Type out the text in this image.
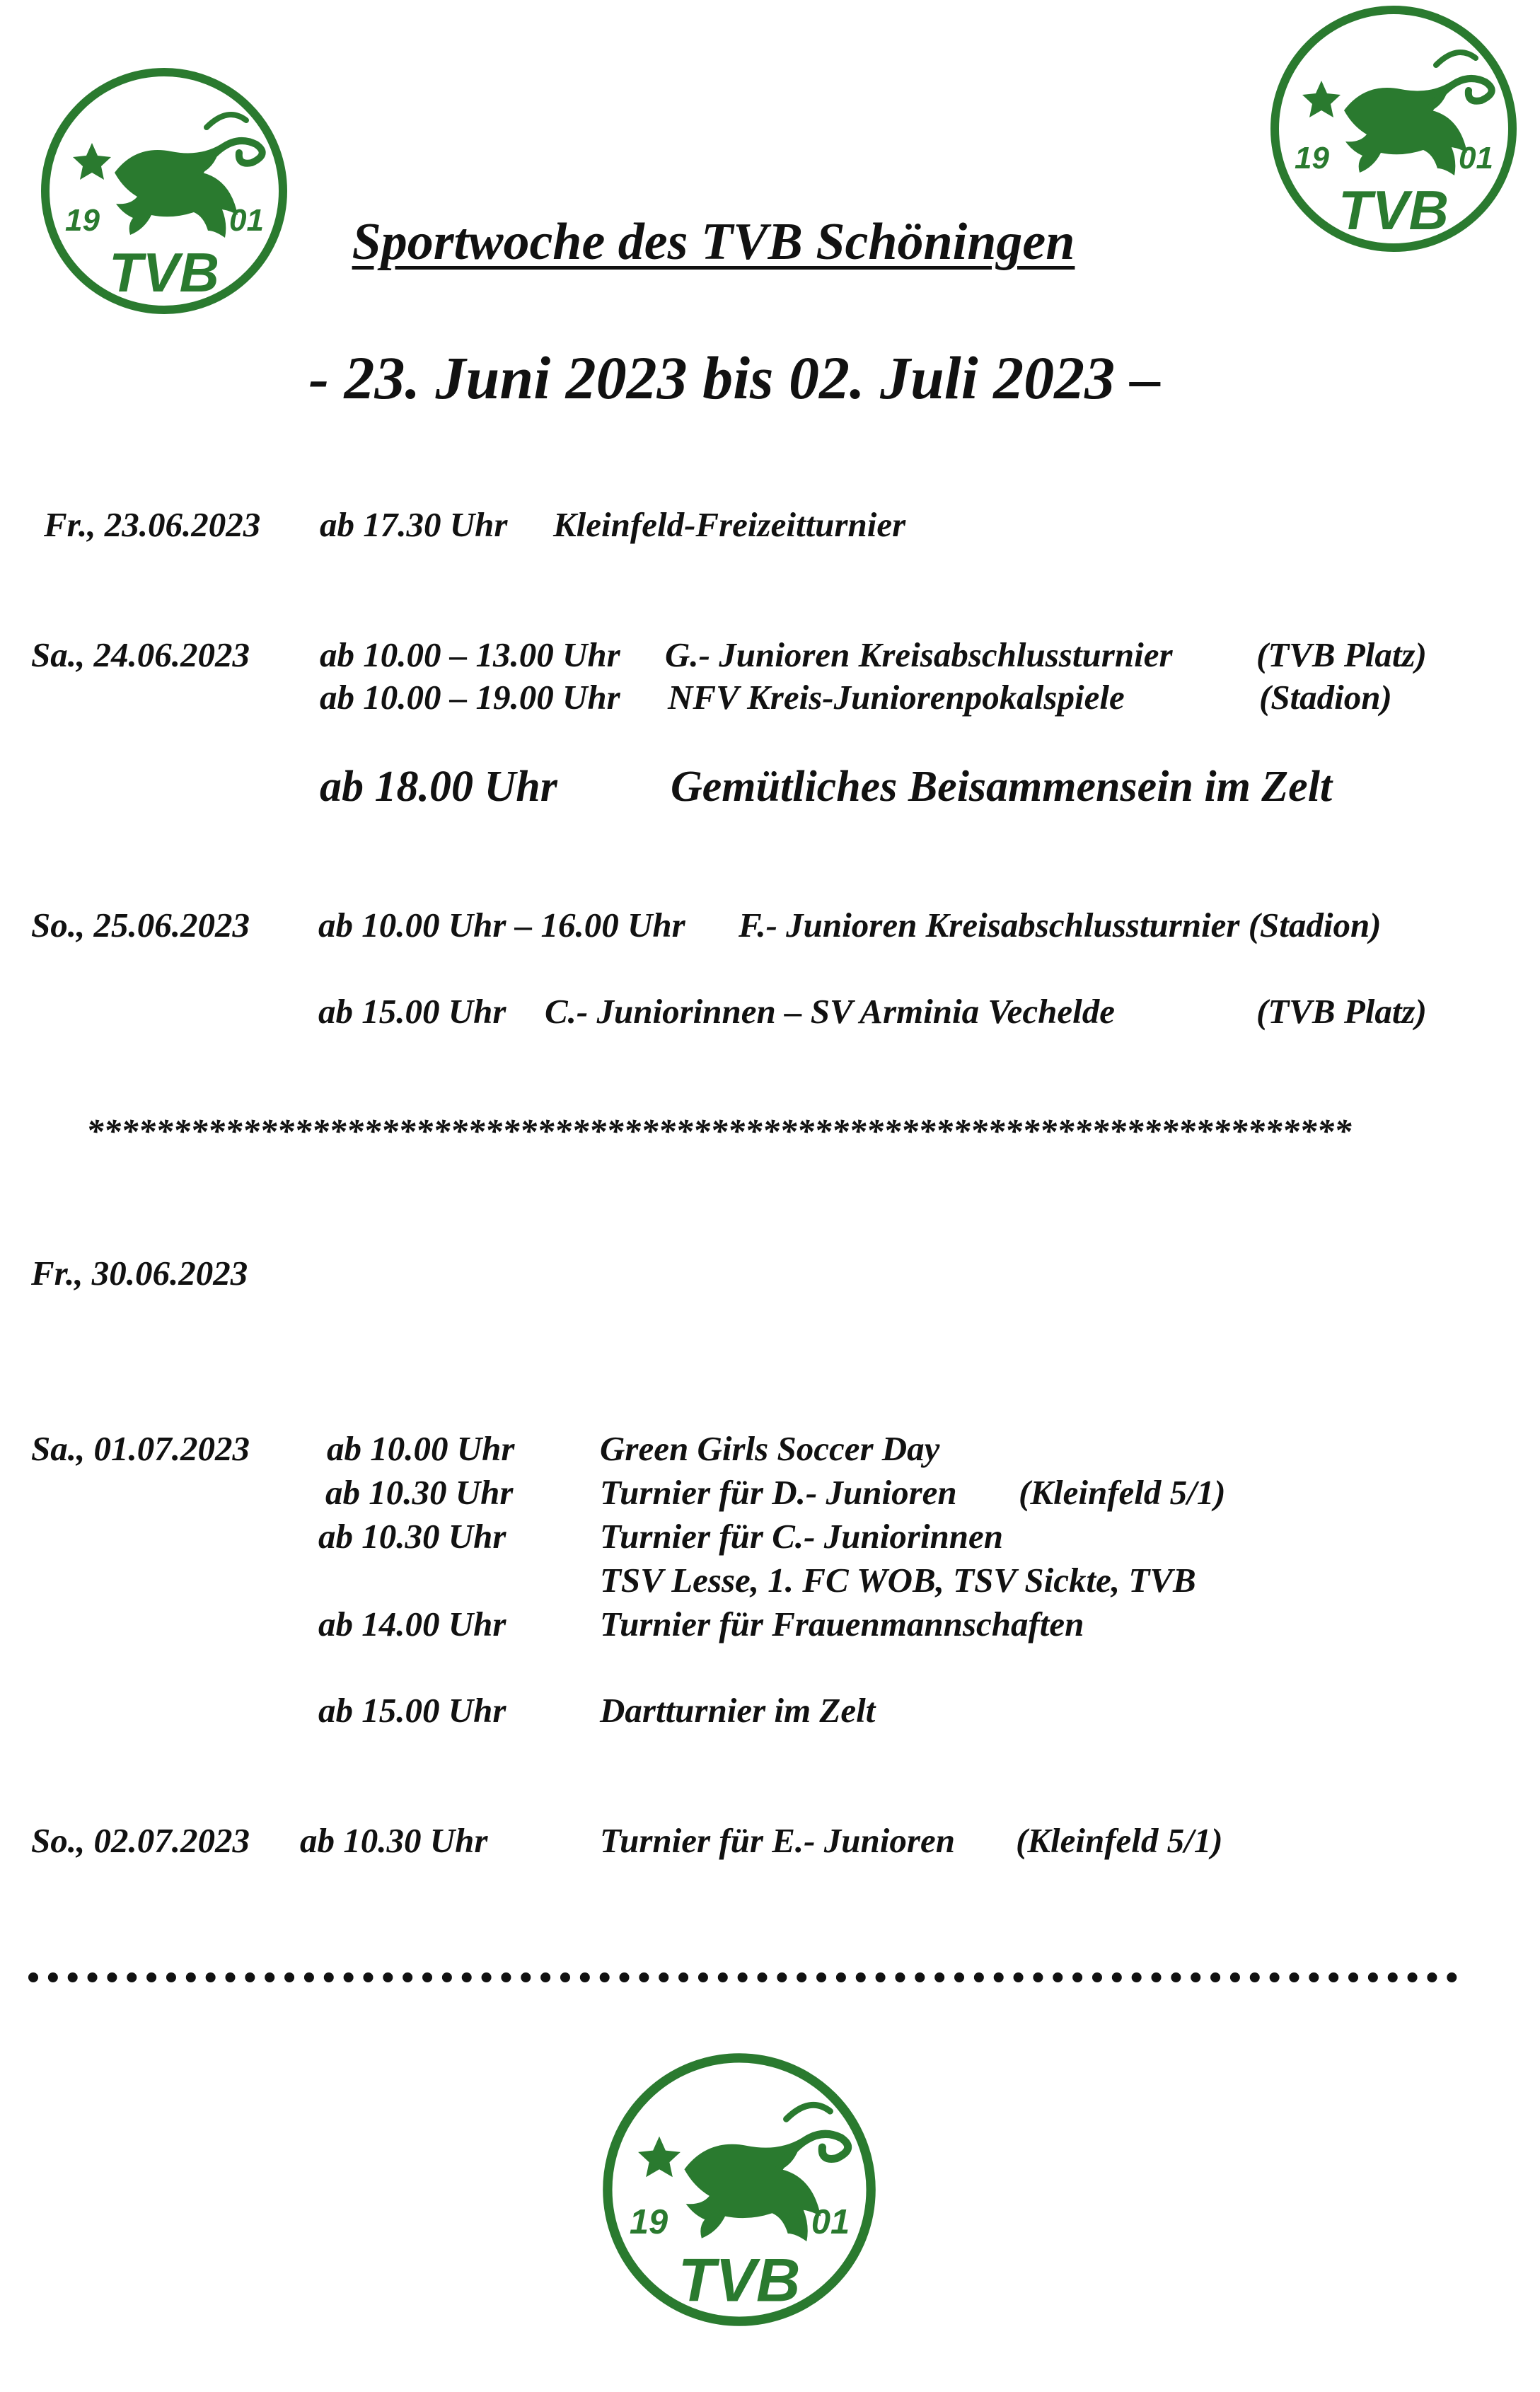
19	01
TVB
19	01
TVB
Sportwoche des TVB Schöningen
- 23. Juni 2023 bis 02. Juli 2023 –
Fr., 23.06.2023 ab 17.30 Uhr Kleinfeld-Freizeitturnier
Sa., 24.06.2023 ab 10.00 – 13.00 Uhr G.- Junioren Kreisabschlussturnier (TVB Platz)
ab 10.00 – 19.00 Uhr NFV Kreis-Juniorenpokalspiele	(Stadion)
ab 18.00 Uhr	Gemütliches Beisammensein im Zelt
So., 25.06.2023 ab 10.00 Uhr – 16.00 Uhr F.- Junioren Kreisabschlussturnier (Stadion)
ab 15.00 Uhr C.- Juniorinnen – SV Arminia Vechelde	(TVB Platz)
*************************************************************************
Fr., 30.06.2023
Sa., 01.07.2023 ab 10.00 Uhr Green Girls Soccer Day
ab 10.30 Uhr	Turnier für D.- Junioren (Kleinfeld 5/1)
ab 10.30 Uhr	Turnier für C.- Juniorinnen
TSV Lesse, 1. FC WOB, TSV Sickte, TVB
ab 14.00 Uhr	Turnier für Frauenmannschaften
ab 15.00 Uhr	Dartturnier im Zelt
So., 02.07.2023 ab 10.30 Uhr	Turnier für E.- Junioren (Kleinfeld 5/1)
19	01
TVB
